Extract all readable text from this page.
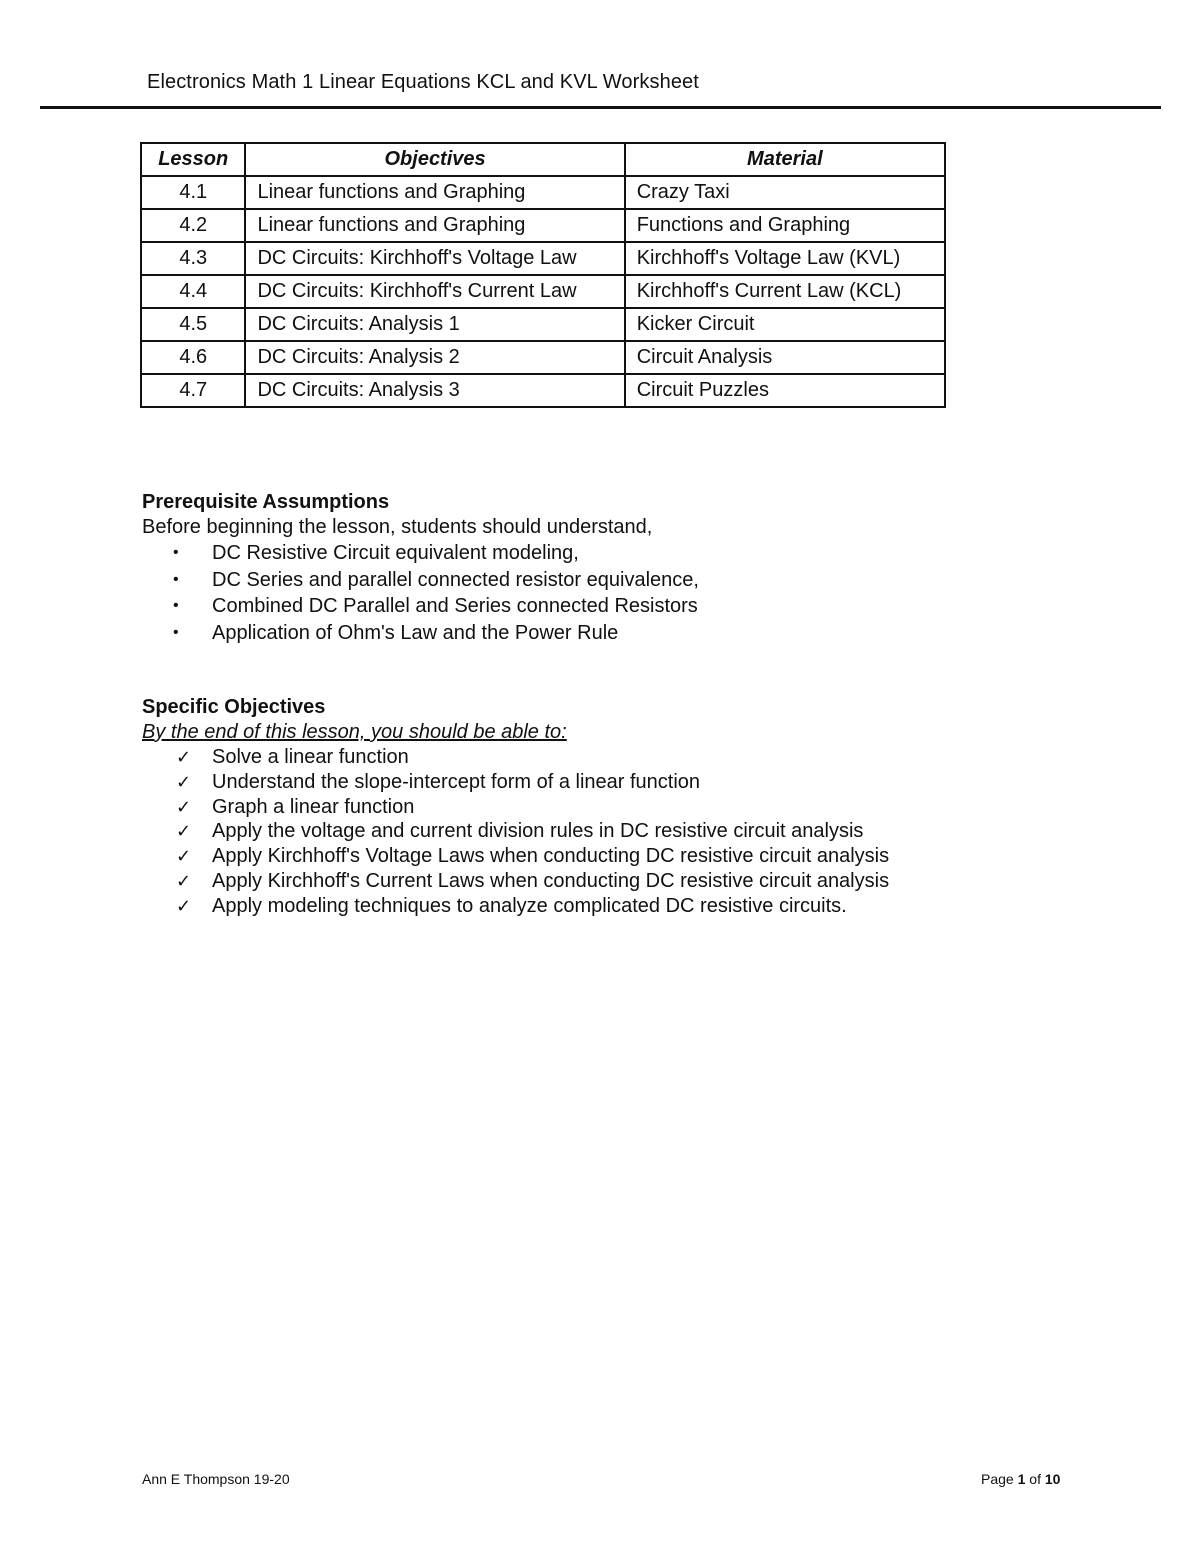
Electronics Math 1 Linear Equations KCL and KVL Worksheet
Lesson	Objectives	Material
4.1	Linear functions and Graphing	Crazy Taxi
4.2	Linear functions and Graphing	Functions and Graphing
4.3	DC Circuits: Kirchhoff's Voltage Law	Kirchhoff's Voltage Law (KVL)
4.4	DC Circuits: Kirchhoff's Current Law	Kirchhoff's Current Law (KCL)
4.5	DC Circuits: Analysis 1	Kicker Circuit
4.6	DC Circuits: Analysis 2	Circuit Analysis
4.7	DC Circuits: Analysis 3	Circuit Puzzles
Prerequisite Assumptions
Before beginning the lesson, students should understand,
• DC Resistive Circuit equivalent modeling,
• DC Series and parallel connected resistor equivalence,
• Combined DC Parallel and Series connected Resistors
• Application of Ohm's Law and the Power Rule
Specific Objectives
By the end of this lesson, you should be able to:
✓ Solve a linear function
✓ Understand the slope-intercept form of a linear function
✓ Graph a linear function
✓ Apply the voltage and current division rules in DC resistive circuit analysis
✓ Apply Kirchhoff's Voltage Laws when conducting DC resistive circuit analysis
✓ Apply Kirchhoff's Current Laws when conducting DC resistive circuit analysis
✓ Apply modeling techniques to analyze complicated DC resistive circuits.
Ann E Thompson 19-20	Page 1 of 10
